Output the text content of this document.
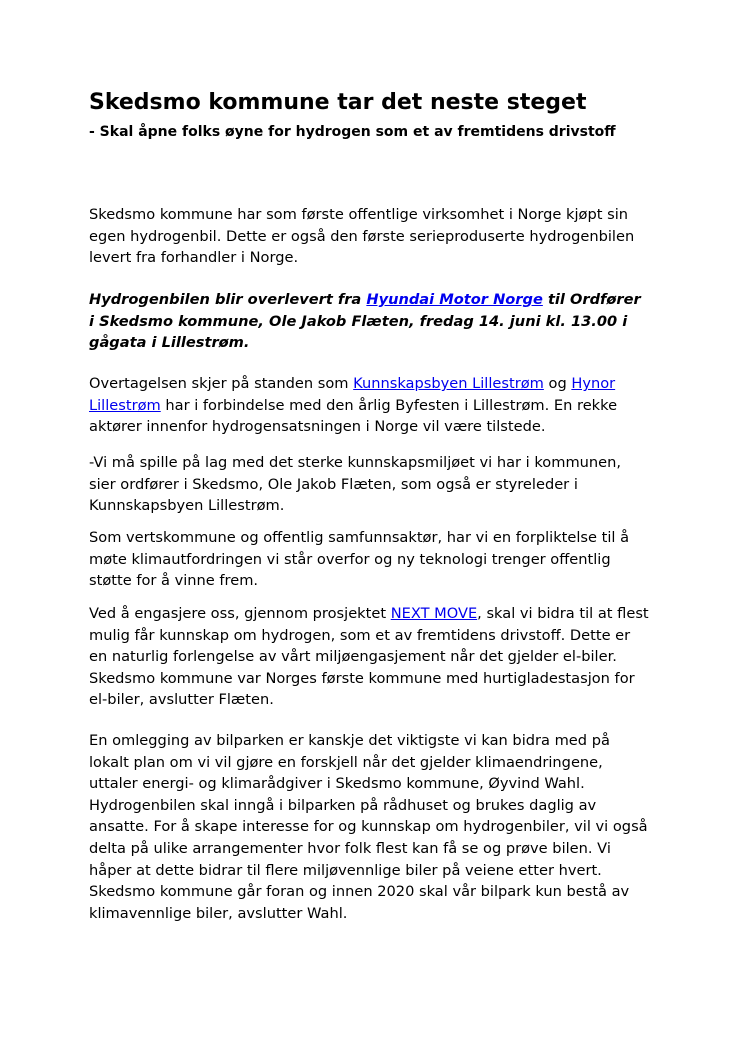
Skedsmo kommune tar det neste steget
- Skal åpne folks øyne for hydrogen som et av fremtidens drivstoff

Skedsmo kommune har som første offentlige virksomhet i Norge kjøpt sin egen hydrogenbil. Dette er også den første serieproduserte hydrogenbilen levert fra forhandler i Norge.

Hydrogenbilen blir overlevert fra Hyundai Motor Norge til Ordfører i Skedsmo kommune, Ole Jakob Flæten, fredag 14. juni kl. 13.00 i gågata i Lillestrøm.

Overtagelsen skjer på standen som Kunnskapsbyen Lillestrøm og Hynor Lillestrøm har i forbindelse med den årlig Byfesten i Lillestrøm. En rekke aktører innenfor hydrogensatsningen i Norge vil være tilstede.

-Vi må spille på lag med det sterke kunnskapsmiljøet vi har i kommunen, sier ordfører i Skedsmo, Ole Jakob Flæten, som også er styreleder i Kunnskapsbyen Lillestrøm.

Som vertskommune og offentlig samfunnsaktør, har vi en forpliktelse til å møte klimautfordringen vi står overfor og ny teknologi trenger offentlig støtte for å vinne frem.

Ved å engasjere oss, gjennom prosjektet NEXT MOVE, skal vi bidra til at flest mulig får kunnskap om hydrogen, som et av fremtidens drivstoff. Dette er en naturlig forlengelse av vårt miljøengasjement når det gjelder el-biler. Skedsmo kommune var Norges første kommune med hurtigladestasjon for el-biler, avslutter Flæten.

En omlegging av bilparken er kanskje det viktigste vi kan bidra med på lokalt plan om vi vil gjøre en forskjell når det gjelder klimaendringene, uttaler energi- og klimarådgiver i Skedsmo kommune, Øyvind Wahl. Hydrogenbilen skal inngå i bilparken på rådhuset og brukes daglig av ansatte. For å skape interesse for og kunnskap om hydrogenbiler, vil vi også delta på ulike arrangementer hvor folk flest kan få se og prøve bilen. Vi håper at dette bidrar til flere miljøvennlige biler på veiene etter hvert. Skedsmo kommune går foran og innen 2020 skal vår bilpark kun bestå av klimavennlige biler, avslutter Wahl.
